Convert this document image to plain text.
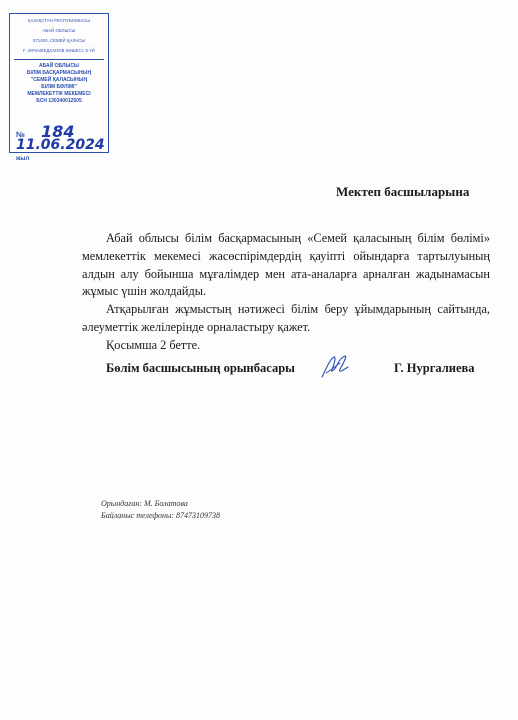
ҚАЗАҚСТАН РЕСПУБЛИКАСЫ
АБАЙ ОБЛЫСЫ
071400, СЕМЕЙ ҚАЛАСЫ
Ғ. МҰХАМЕДХАНОВ КӨШЕСІ, 5 ҮЙ
АБАЙ ОБЛЫСЫ
БІЛІМ БАСҚАРМАСЫНЫҢ
"СЕМЕЙ ҚАЛАСЫНЫҢ
БІЛІМ БӨЛІМІ"
МЕМЛЕКЕТТІК МЕКЕМЕСІ
БСН 130340012505
№ 184
11.06.2024 жыл
Мектеп басшыларына

Абай облысы білім басқармасының «Семей қаласының білім бөлімі» мемлекеттік мекемесі жасөспірімдердің қауіпті ойындарға тартылуының алдын алу бойынша мұғалімдер мен ата-аналарға арналған жадынамасын жұмыс үшін жолдайды.

Атқарылған жұмыстың нәтижесі білім беру ұйымдарының сайтында, әлеуметтік желілерінде орналастыру қажет.

Қосымша 2 бетте.

Бөлім басшысының орынбасары	Г. Нургалиева
Орындаған: М. Болатова
Байланыс телефоны: 87473109738
